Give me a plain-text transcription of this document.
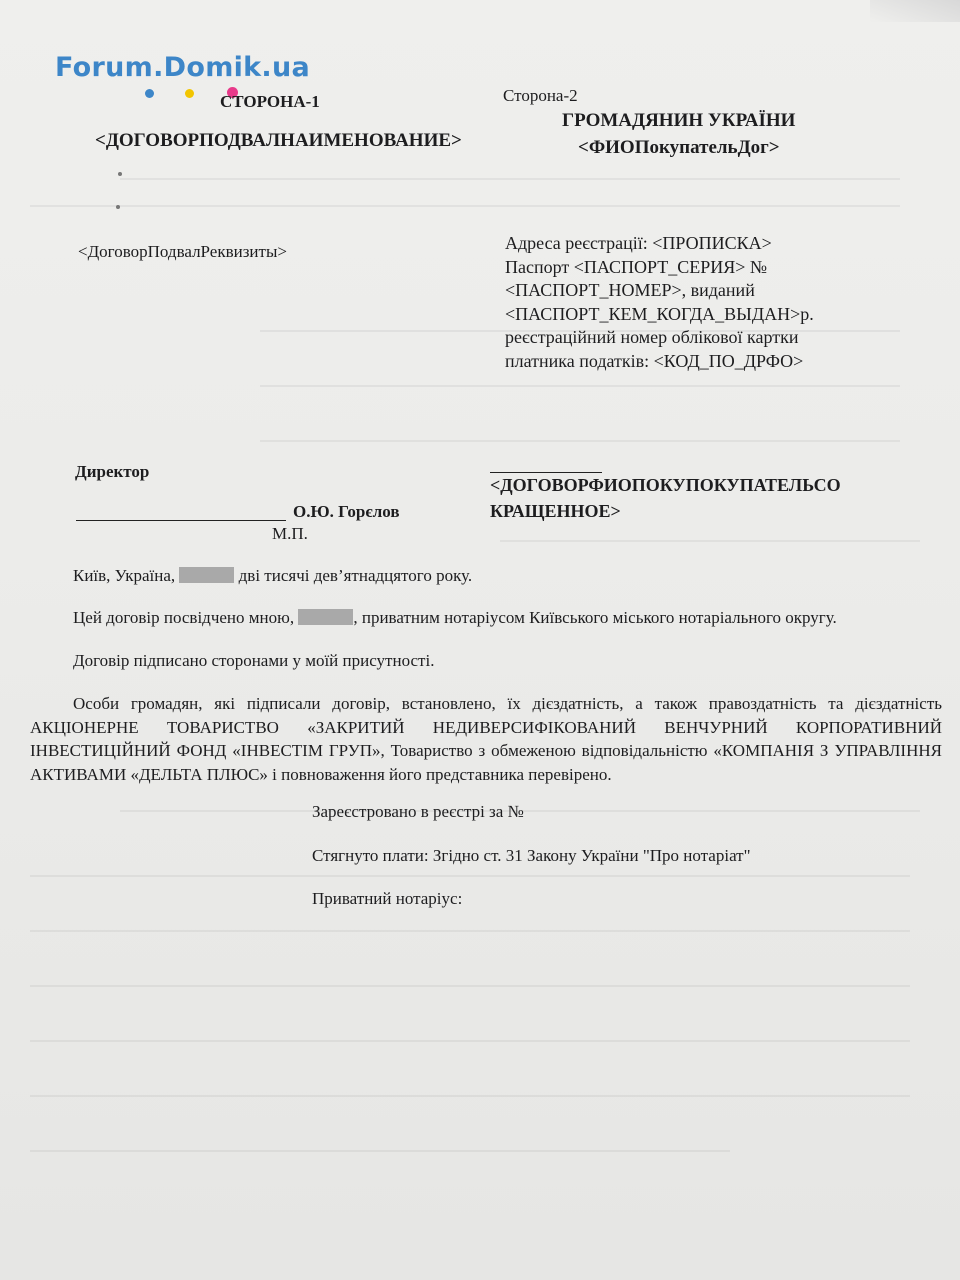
Forum.Domik.ua
СТОРОНА-1
<ДОГОВОРПОДВАЛНАИМЕНОВАНИЕ>
<ДоговорПодвалРеквизиты>
Сторона-2
ГРОМАДЯНИН УКРАЇНИ
<ФИОПокупательДог>
Адреса реєстрації: <ПРОПИСКА>
Паспорт <ПАСПОРТ_СЕРИЯ> №
<ПАСПОРТ_НОМЕР>, виданий
<ПАСПОРТ_КЕМ_КОГДА_ВЫДАН>р.
реєстраційний номер облікової картки
платника податків: <КОД_ПО_ДРФО>
Директор
О.Ю. Горєлов
М.П.
<ДОГОВОРФИОПОКУПОКУПАТЕЛЬСО
КРАЩЕННОЕ>
Київ, Україна,	дві тисячі дев’ятнадцятого року.
Цей договір посвідчено мною,	, приватним нотаріусом Київського міського нотаріального округу.
Договір підписано сторонами у моїй присутності.
Особи громадян, які підписали договір, встановлено, їх дієздатність, а також правоздатність та дієздатність АКЦІОНЕРНЕ ТОВАРИСТВО «ЗАКРИТИЙ НЕДИВЕРСИФІКОВАНИЙ ВЕНЧУРНИЙ КОРПОРАТИВНИЙ ІНВЕСТИЦІЙНИЙ ФОНД «ІНВЕСТІМ ГРУП», Товариство з обмеженою відповідальністю «КОМПАНІЯ З УПРАВЛІННЯ АКТИВАМИ «ДЕЛЬТА ПЛЮС» і повноваження його представника перевірено.
Зареєстровано в реєстрі за №
Стягнуто плати: Згідно ст. 31 Закону України "Про нотаріат"
Приватний нотаріус:
